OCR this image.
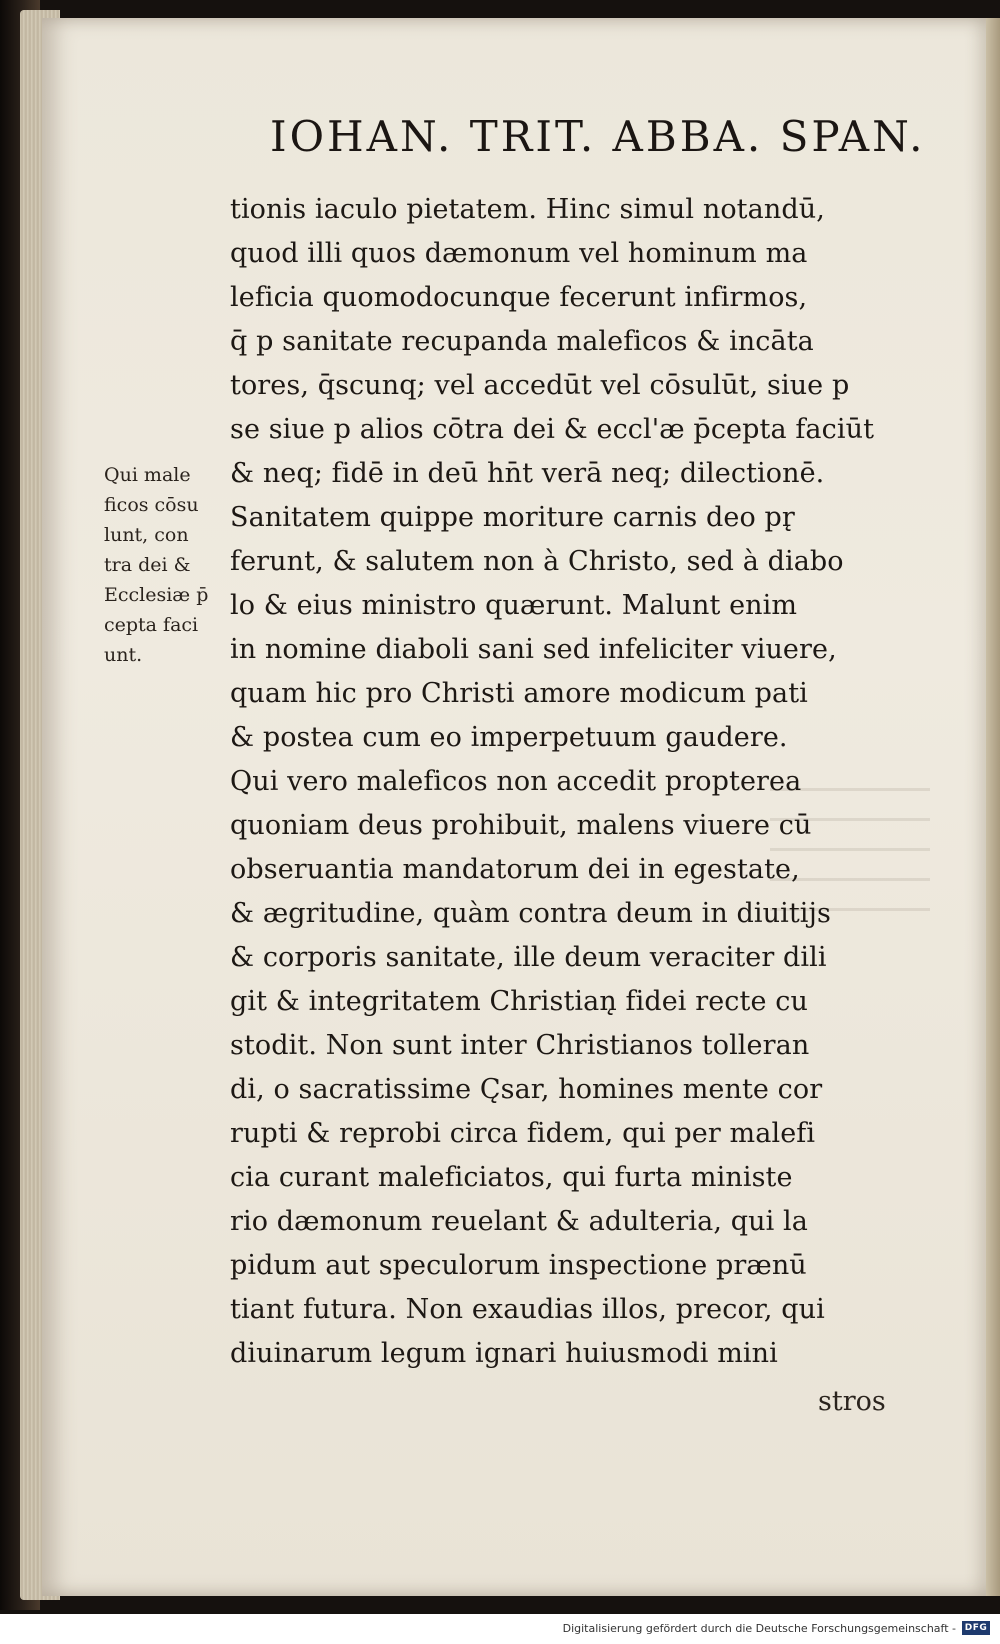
IOHAN. TRIT. ABBA. SPAN.
Qui male
ficos cōsu
lunt, con
tra dei &
Ecclesiæ p̄
cepta faci
unt.
tionis iaculo pietatem. Hinc simul notandū,
quod illi quos dæmonum vel hominum ma
leficia quomodocunque fecerunt infirmos,
q̄ p sanitate recupanda maleficos & incāta
tores, q̄scunq; vel accedūt vel cōsulūt, siue p
se siue p alios cōtra dei & eccl'æ p̄cepta faciūt
& neq; fidē in deū hn̄t verā neq; dilectionē.
Sanitatem quippe moriture carnis deo pr̨
ferunt, & salutem non à Christo, sed à diabo
lo & eius ministro quærunt. Malunt enim
in nomine diaboli sani sed infeliciter viuere,
quam hic pro Christi amore modicum pati
& postea cum eo imperpetuum gaudere.
Qui vero maleficos non accedit propterea
quoniam deus prohibuit, malens viuere cū
obseruantia mandatorum dei in egestate,
& ægritudine, quàm contra deum in diuitijs
& corporis sanitate, ille deum veraciter dili
git & integritatem Christian̨ fidei recte cu
stodit. Non sunt inter Christianos tolleran
di, o sacratissime C̨sar, homines mente cor
rupti & reprobi circa fidem, qui per malefi
cia curant maleficiatos, qui furta ministe
rio dæmonum reuelant & adulteria, qui la
pidum aut speculorum inspectione prænū
tiant futura. Non exaudias illos, precor, qui
diuinarum legum ignari huiusmodi mini
stros
Digitalisierung gefördert durch die Deutsche Forschungsgemeinschaft - DFG
